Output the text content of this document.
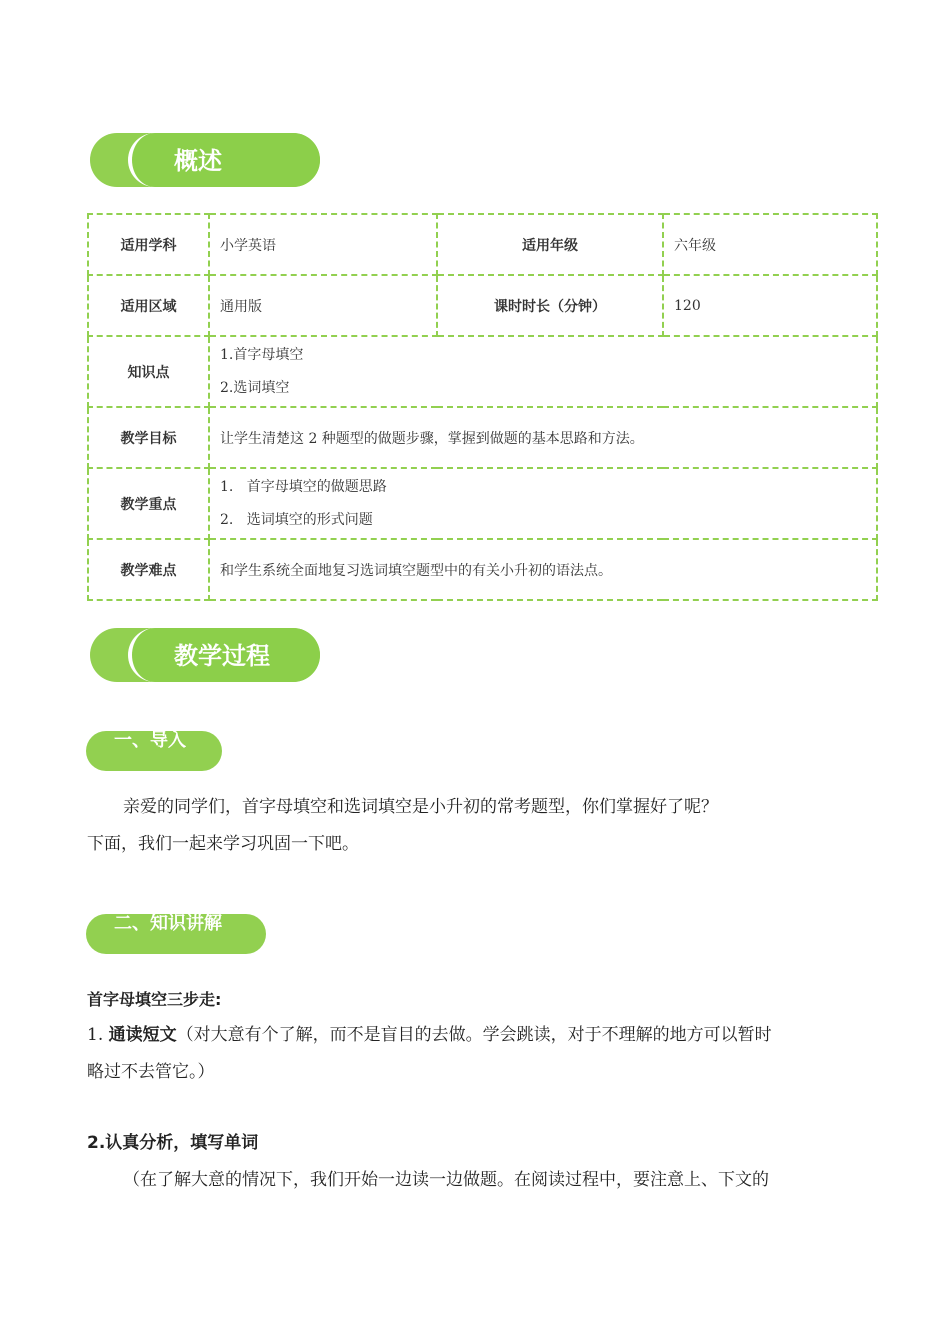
概述
适用学科	小学英语	适用年级	六年级
适用区域	通用版	课时时长（分钟）	120
知识点	1.首字母填空
2.选词填空		

教学目标	让学生清楚这 2 种题型的做题步骤，掌握到做题的基本思路和方法。		
教学重点	1.   首字母填空的做题思路
2.   选词填空的形式问题		

教学难点	和学生系统全面地复习选词填空题型中的有关小升初的语法点。		
教学过程
一、导入
亲爱的同学们，首字母填空和选词填空是小升初的常考题型，你们掌握好了呢？
下面，我们一起来学习巩固一下吧。
二、知识讲解
首字母填空三步走:
1. 通读短文（对大意有个了解，而不是盲目的去做。学会跳读，对于不理解的地方可以暂时
略过不去管它。）
2.认真分析，填写单词
（在了解大意的情况下，我们开始一边读一边做题。在阅读过程中，要注意上、下文的
